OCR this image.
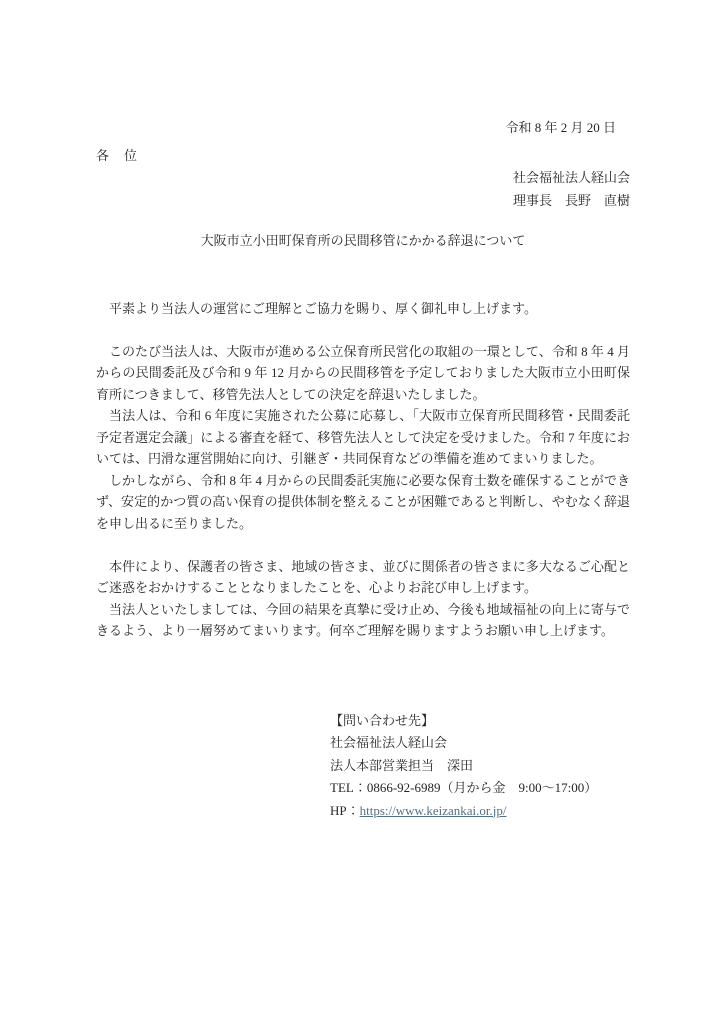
令和 8 年 2 月 20 日
各　位
社会福祉法人経山会
理事長　長野　直樹
大阪市立小田町保育所の民間移管にかかる辞退について

平素より当法人の運営にご理解とご協力を賜り、厚く御礼申し上げます。

このたび当法人は、大阪市が進める公立保育所民営化の取組の一環として、令和 8 年 4 月からの民間委託及び令和 9 年 12 月からの民間移管を予定しておりました大阪市立小田町保育所につきまして、移管先法人としての決定を辞退いたしました。

当法人は、令和 6 年度に実施された公募に応募し、「大阪市立保育所民間移管・民間委託予定者選定会議」による審査を経て、移管先法人として決定を受けました。令和 7 年度においては、円滑な運営開始に向け、引継ぎ・共同保育などの準備を進めてまいりました。

しかしながら、令和 8 年 4 月からの民間委託実施に必要な保育士数を確保することができず、安定的かつ質の高い保育の提供体制を整えることが困難であると判断し、やむなく辞退を申し出るに至りました。

本件により、保護者の皆さま、地域の皆さま、並びに関係者の皆さまに多大なるご心配とご迷惑をおかけすることとなりましたことを、心よりお詫び申し上げます。

当法人といたしましては、今回の結果を真摯に受け止め、今後も地域福祉の向上に寄与できるよう、より一層努めてまいります。何卒ご理解を賜りますようお願い申し上げます。

【問い合わせ先】
社会福祉法人経山会
法人本部営業担当　深田
TEL：0866-92-6989（月から金　9:00～17:00）
HP：https://www.keizankai.or.jp/
